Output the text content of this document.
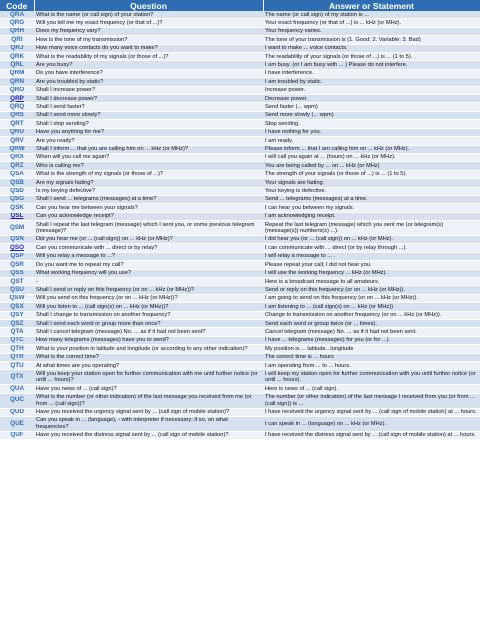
Code	Question	Answer or Statement
QRA	What is the name (or call sign) of your station?	The name (or call sign) of my station is ...
QRG	Will you tell me my exact frequency (or that of ...)?	Your exact frequency (or that of ...) is ... kHz (or MHz).
QRH	Does my frequency vary?	Your frequency varies.
QRI	How is the tone of my transmission?	The tone of your transmission is (1. Good; 2. Variable; 3. Bad)
QRJ	How many voice contacts do you want to make?	I want to make ... voice contacts.
QRK	What is the readability of my signals (or those of ...)?	The readability of your signals (or those of ...) is ... (1 to 5).
QRL	Are you busy?	I am busy. (or I am busy with ... ) Please do not interfere.
QRM	Do you have interference?	I have interference.
QRN	Are you troubled by static?	I am troubled by static.
QRO	Shall I increase power?	Increase power.
QRP	Shall I decrease power?	Decrease power.
QRQ	Shall I send faster?	Send faster (... wpm)
QRS	Shall I send more slowly?	Send more slowly (... wpm)
QRT	Shall I stop sending?	Stop sending.
QRU	Have you anything for me?	I have nothing for you.
QRV	Are you ready?	I am ready.
QRW	Shall I inform ... that you are calling him on ... kHz (or MHz)?	Please inform ... that I am calling him on ... kHz (or MHz).
QRX	When will you call me again?	I will call you again at ... (hours) on ... kHz (or MHz).
QRZ	Who is calling me?	You are being called by ... on ... kHz (or MHz)
QSA	What is the strength of my signals (or those of ...)?	The strength of your signals (or those of ...) is ... (1 to 5).
QSB	Are my signals fading?	Your signals are fading.
QSD	Is my keying defective?	Your keying is defective.
QSG	Shall I send ... telegrams (messages) at a time?	Send ... telegrams (messages) at a time.
QSK	Can you hear me between your signals?	I can hear you between my signals.
QSL	Can you acknowledge receipt?	I am acknowledging receipt.
QSM	Shall I repeat the last telegram (message) which I sent you, or some previous telegram (message)?	Repeat the last telegram (message) which you sent me (or telegram(s) (message(s)) numbers(s) ...).
QSN	Did you hear me (or ... (call sign)) on ... kHz (or MHz)?	I did hear you (or ... (call sign)) on ... kHz (or MHz).
QSO	Can you communicate with ... direct or by relay?	I can communicate with ... direct (or by relay through ...).
QSP	Will you relay a message to ...?	I will relay a message to ... .
QSR	Do you want me to repeat my call?	Please repeat your call; I did not hear you.
QSS	What working frequency will you use?	I will use the working frequency ... kHz (or MHz).
QST	-	Here is a broadcast message to all amateurs.
QSU	Shall I send or reply on this frequency (or on ... kHz (or MHz))?	Send or reply on this frequency (or on ... kHz (or MHz)).
QSW	Will you send on this frequency (or on ... kHz (or MHz))?	I am going to send on this frequency (or on ... kHz (or MHz)).
QSX	Will you listen to ... (call sign(s) on ... kHz (or MHz))?	I am listening to ... (call sign(s) on ... kHz (or MHz))
QSY	Shall I change to transmission on another frequency?	Change to transmission on another frequency (or on ... kHz (or MHz)).
QSZ	Shall I send each word or group more than once?	Send each word or group twice (or ... times).
QTA	Shall I cancel telegram (message) No. ... as if it had not been sent?	Cancel telegram (message) No. ... as if it had not been sent.
QTC	How many telegrams (messages) have you to send?	I have ... telegrams (messages) for you (or for ...).
QTH	What is your position in latitude and longitude (or according to any other indication)?	My position is ... latitude...longitude
QTR	What is the correct time?	The correct time is ... hours
QTU	At what times are you operating?	I am operating from ... to ... hours.
QTX	Will you keep your station open for further communication with me until further notice (or until ... hours)?	I will keep my station open for further communication with you until further notice (or until ... hours).
QUA	Have you news of ... (call sign)?	Here is news of ... (call sign).
QUC	What is the number (or other indication) of the last message you received from me (or from ... (call sign))?	The number (or other indication) of the last message I received from you (or from ... (call sign)) is ...
QUD	Have you received the urgency signal sent by ... (call sign of mobile station)?	I have received the urgency signal sent by ... (call sign of mobile station) at ... hours.
QUE	Can you speak in ... (language), - with interpreter if necessary; if so, on what frequencies?	I can speak in ... (language) on ... kHz (or MHz).
QUF	Have you received the distress signal sent by ... (call sign of mobile station)?	I have received the distress signal sent by ... (call sign of mobile station) at ... hours.
